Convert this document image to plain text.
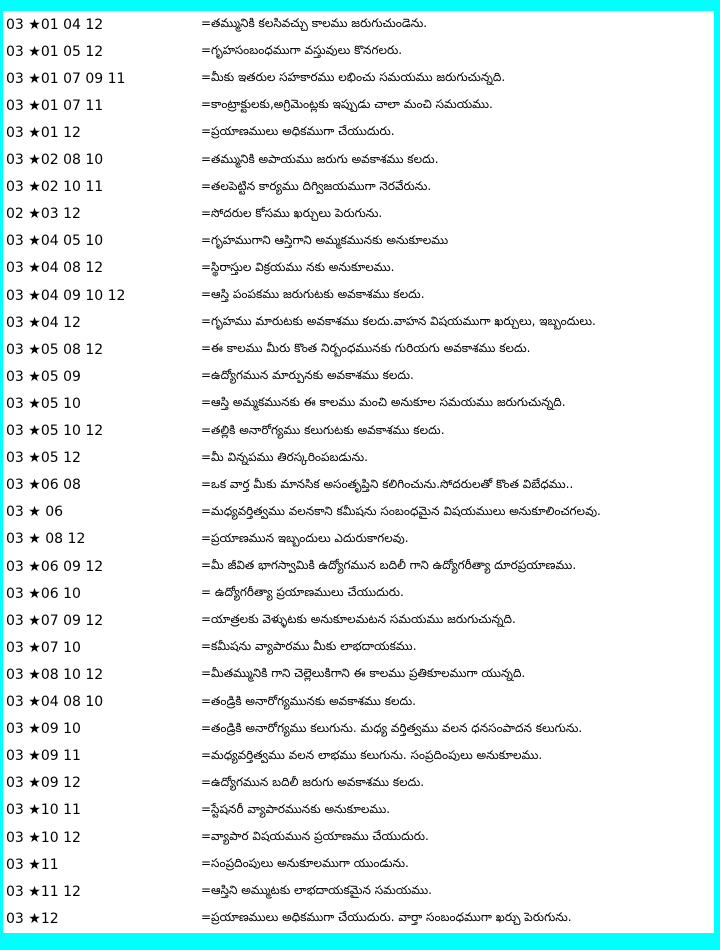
03 ★01 04 12	=తమ్మునికి కలసివచ్చు కాలము జరుగుచుండెను.
03 ★01 05 12	=గృహసంబంధముగా వస్తువులు కొనగలరు.
03 ★01 07 09 11	=మీకు ఇతరుల సహకారము లభించు సమయము జరుగుచున్నది.
03 ★01 07 11	=కాంట్రాక్టులకు,అగ్రిమెంట్లకు ఇప్పుడు చాలా మంచి సమయము.
03 ★01 12	=ప్రయాణములు అధికముగా చేయుదురు.
03 ★02 08 10	=తమ్మునికి అపాయము జరుగు అవకాశము కలదు.
03 ★02 10 11	=తలపెట్టిన కార్యము దిగ్విజయముగా నెరవేరును.
02 ★03 12	=సోదరుల కోసము ఖర్చులు పెరుగును.
03 ★04 05 10	=గృహముగాని ఆస్తిగాని అమ్మకమునకు అనుకూలము
03 ★04 08 12	=స్థిరాస్తుల విక్రయము నకు అనుకూలము.
03 ★04 09 10 12	=ఆస్తి పంపకము జరుగుటకు అవకాశము కలదు.
03 ★04 12	=గృహము మారుటకు అవకాశము కలదు.వాహన విషయముగా ఖర్చులు, ఇబ్బందులు.
03 ★05 08 12	=ఈ కాలము మీరు కొంత నిర్బంధమునకు గురియగు అవకాశము కలదు.
03 ★05 09	=ఉద్యోగమున మార్పునకు అవకాశము కలదు.
03 ★05 10	=ఆస్తి అమ్మకమునకు ఈ కాలము మంచి అనుకూల సమయము జరుగుచున్నది.
03 ★05 10 12	=తల్లికి అనారోగ్యము కలుగుటకు అవకాశము కలదు.
03 ★05 12	=మీ విన్నపము తిరస్కరింపబడును.
03 ★06 08	=ఒక వార్త మీకు మానసిక అసంతృప్తిని కలిగించును.సోదరులతో కొంత విబేధము..
03 ★ 06	=మధ్యవర్తిత్వము వలనకాని కమీషను సంబంధమైన విషయములు అనుకూలించగలవు.
03 ★ 08 12	=ప్రయాణమున ఇబ్బందులు ఎదురుకాగలవు.
03 ★06 09 12	=మీ జీవిత భాగస్వామికి ఉద్యోగమున బదిలీ గాని ఉద్యోగరీత్యా దూరప్రయాణము.
03 ★06 10	= ఉద్యోగరీత్యా ప్రయాణములు చేయుదురు.
03 ★07 09 12	=యాత్రలకు వెళ్ళుటకు అనుకూలమటన సమయము జరుగుచున్నది.
03 ★07 10	=కమీషను వ్యాపారము మీకు లాభదాయకము.
03 ★08 10 12	=మీతమ్మునికి గాని చెల్లెలుకిగాని ఈ కాలము ప్రతికూలముగా యున్నది.
03 ★04 08 10	=తండ్రికి అనారోగ్యమునకు అవకాశము కలదు.
03 ★09 10	=తండ్రికి అనారోగ్యము కలుగును. మధ్య వర్తిత్వము వలన ధనసంపాదన కలుగును.
03 ★09 11	=మధ్యవర్తిత్వము వలన లాభము కలుగును. సంప్రదింపులు అనుకూలము.
03 ★09 12	=ఉద్యోగమున బదిలీ జరుగు అవకాశము కలదు.
03 ★10 11	=స్టేషనరీ వ్యాపారమునకు అనుకూలము.
03 ★10 12	=వ్యాపార విషయమున ప్రయాణము చేయుదురు.
03 ★11	=సంప్రదింపులు అనుకూలముగా యుండును.
03 ★11 12	=ఆస్తిని అమ్ముటకు లాభదాయకమైన సమయము.
03 ★12	=ప్రయాణములు అధికముగా చేయుదురు. వార్తా సంబంధముగా ఖర్చు పెరుగును.
